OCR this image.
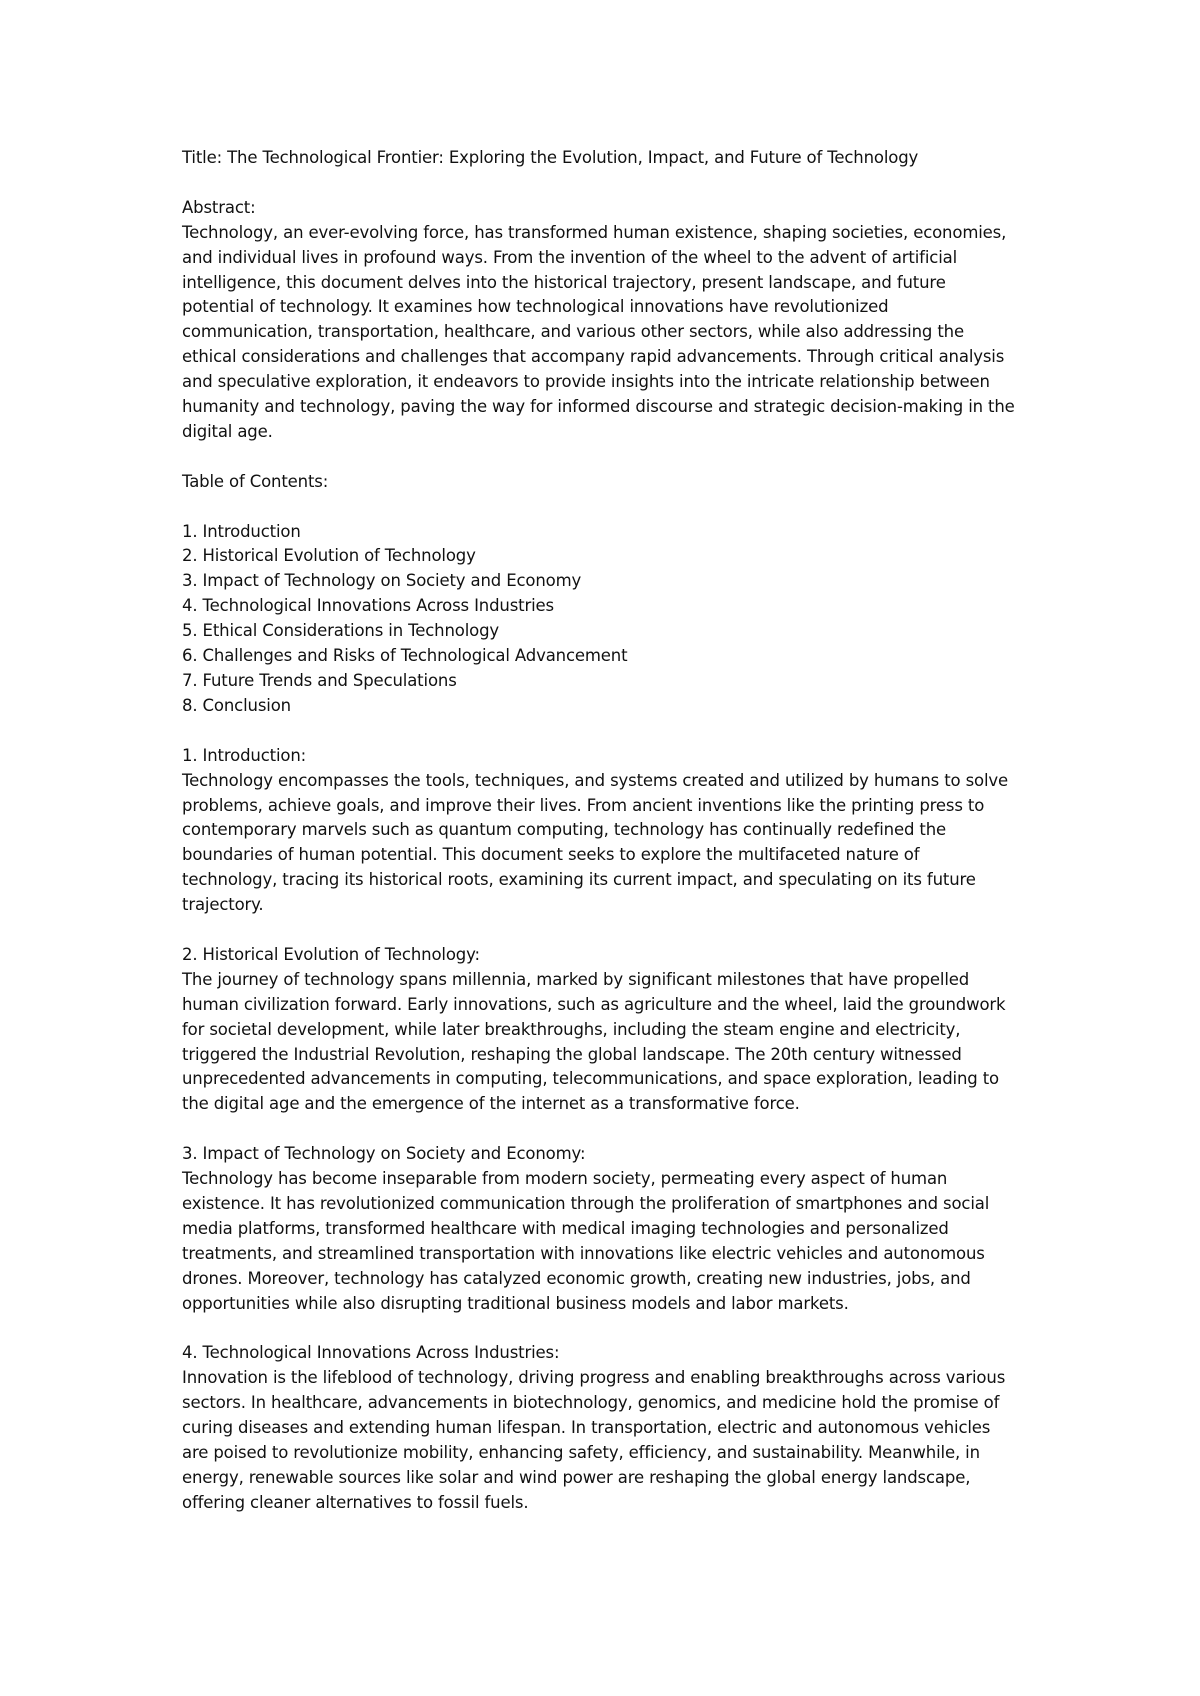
Title: The Technological Frontier: Exploring the Evolution, Impact, and Future of Technology

Abstract:

Technology, an ever-evolving force, has transformed human existence, shaping societies, economies,

and individual lives in profound ways. From the invention of the wheel to the advent of artificial

intelligence, this document delves into the historical trajectory, present landscape, and future

potential of technology. It examines how technological innovations have revolutionized

communication, transportation, healthcare, and various other sectors, while also addressing the

ethical considerations and challenges that accompany rapid advancements. Through critical analysis

and speculative exploration, it endeavors to provide insights into the intricate relationship between

humanity and technology, paving the way for informed discourse and strategic decision-making in the

digital age.

Table of Contents:

1. Introduction
2. Historical Evolution of Technology
3. Impact of Technology on Society and Economy
4. Technological Innovations Across Industries
5. Ethical Considerations in Technology
6. Challenges and Risks of Technological Advancement
7. Future Trends and Speculations
8. Conclusion

1. Introduction:

Technology encompasses the tools, techniques, and systems created and utilized by humans to solve

problems, achieve goals, and improve their lives. From ancient inventions like the printing press to

contemporary marvels such as quantum computing, technology has continually redefined the

boundaries of human potential. This document seeks to explore the multifaceted nature of

technology, tracing its historical roots, examining its current impact, and speculating on its future

trajectory.

2. Historical Evolution of Technology:

The journey of technology spans millennia, marked by significant milestones that have propelled

human civilization forward. Early innovations, such as agriculture and the wheel, laid the groundwork

for societal development, while later breakthroughs, including the steam engine and electricity,

triggered the Industrial Revolution, reshaping the global landscape. The 20th century witnessed

unprecedented advancements in computing, telecommunications, and space exploration, leading to

the digital age and the emergence of the internet as a transformative force.

3. Impact of Technology on Society and Economy:

Technology has become inseparable from modern society, permeating every aspect of human

existence. It has revolutionized communication through the proliferation of smartphones and social

media platforms, transformed healthcare with medical imaging technologies and personalized

treatments, and streamlined transportation with innovations like electric vehicles and autonomous

drones. Moreover, technology has catalyzed economic growth, creating new industries, jobs, and

opportunities while also disrupting traditional business models and labor markets.

4. Technological Innovations Across Industries:

Innovation is the lifeblood of technology, driving progress and enabling breakthroughs across various

sectors. In healthcare, advancements in biotechnology, genomics, and medicine hold the promise of

curing diseases and extending human lifespan. In transportation, electric and autonomous vehicles

are poised to revolutionize mobility, enhancing safety, efficiency, and sustainability. Meanwhile, in

energy, renewable sources like solar and wind power are reshaping the global energy landscape,

offering cleaner alternatives to fossil fuels.
